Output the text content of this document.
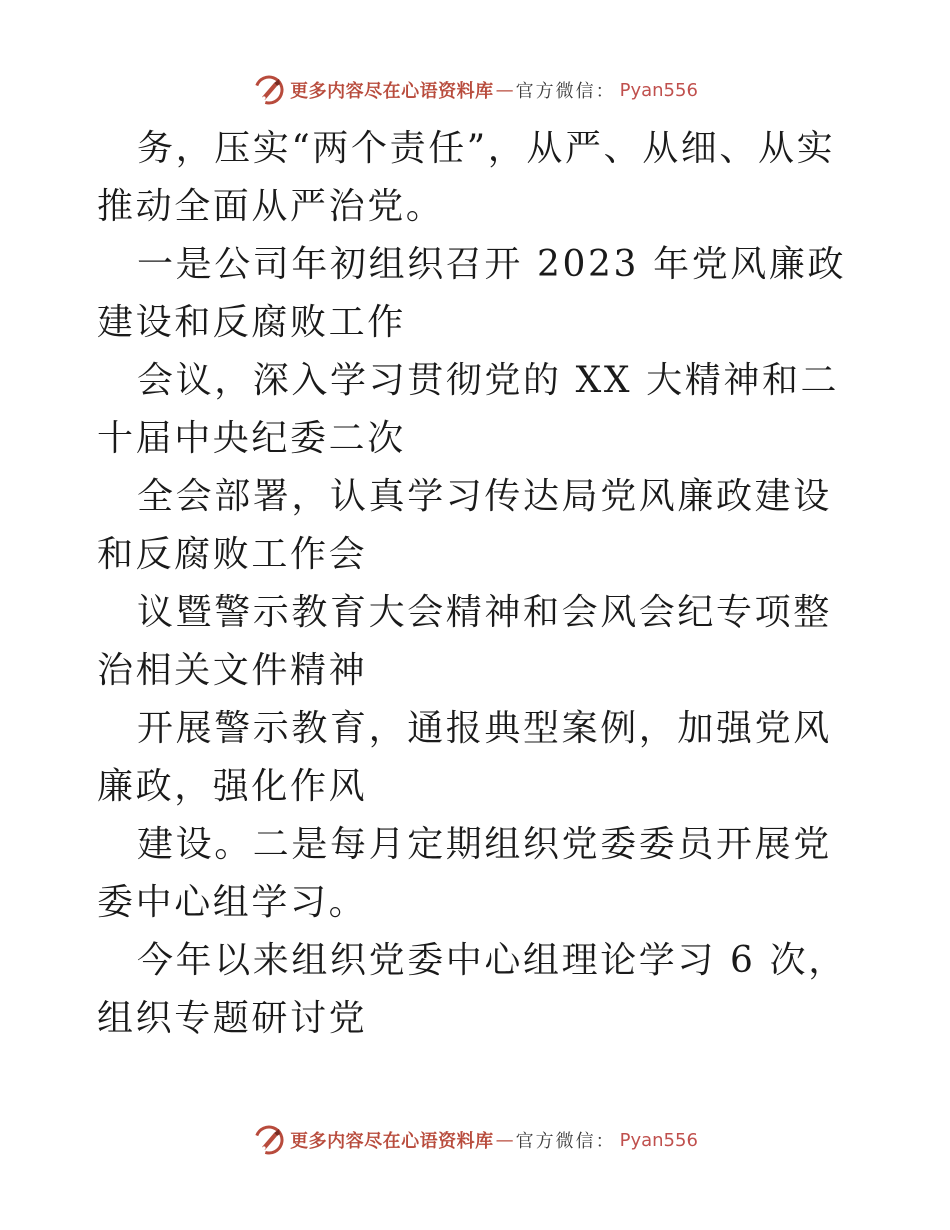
更多内容尽在心语资料库 — 官方微信： Pyan556

务，压实“两个责任”，从严、从细、从实推动全面从严治党。

一是公司年初组织召开 2023 年党风廉政建设和反腐败工作

会议，深入学习贯彻党的 XX 大精神和二十届中央纪委二次

全会部署，认真学习传达局党风廉政建设和反腐败工作会

议暨警示教育大会精神和会风会纪专项整治相关文件精神

开展警示教育，通报典型案例，加强党风廉政，强化作风

建设。二是每月定期组织党委委员开展党委中心组学习。

今年以来组织党委中心组理论学习 6 次，组织专题研讨党

更多内容尽在心语资料库 — 官方微信： Pyan556
